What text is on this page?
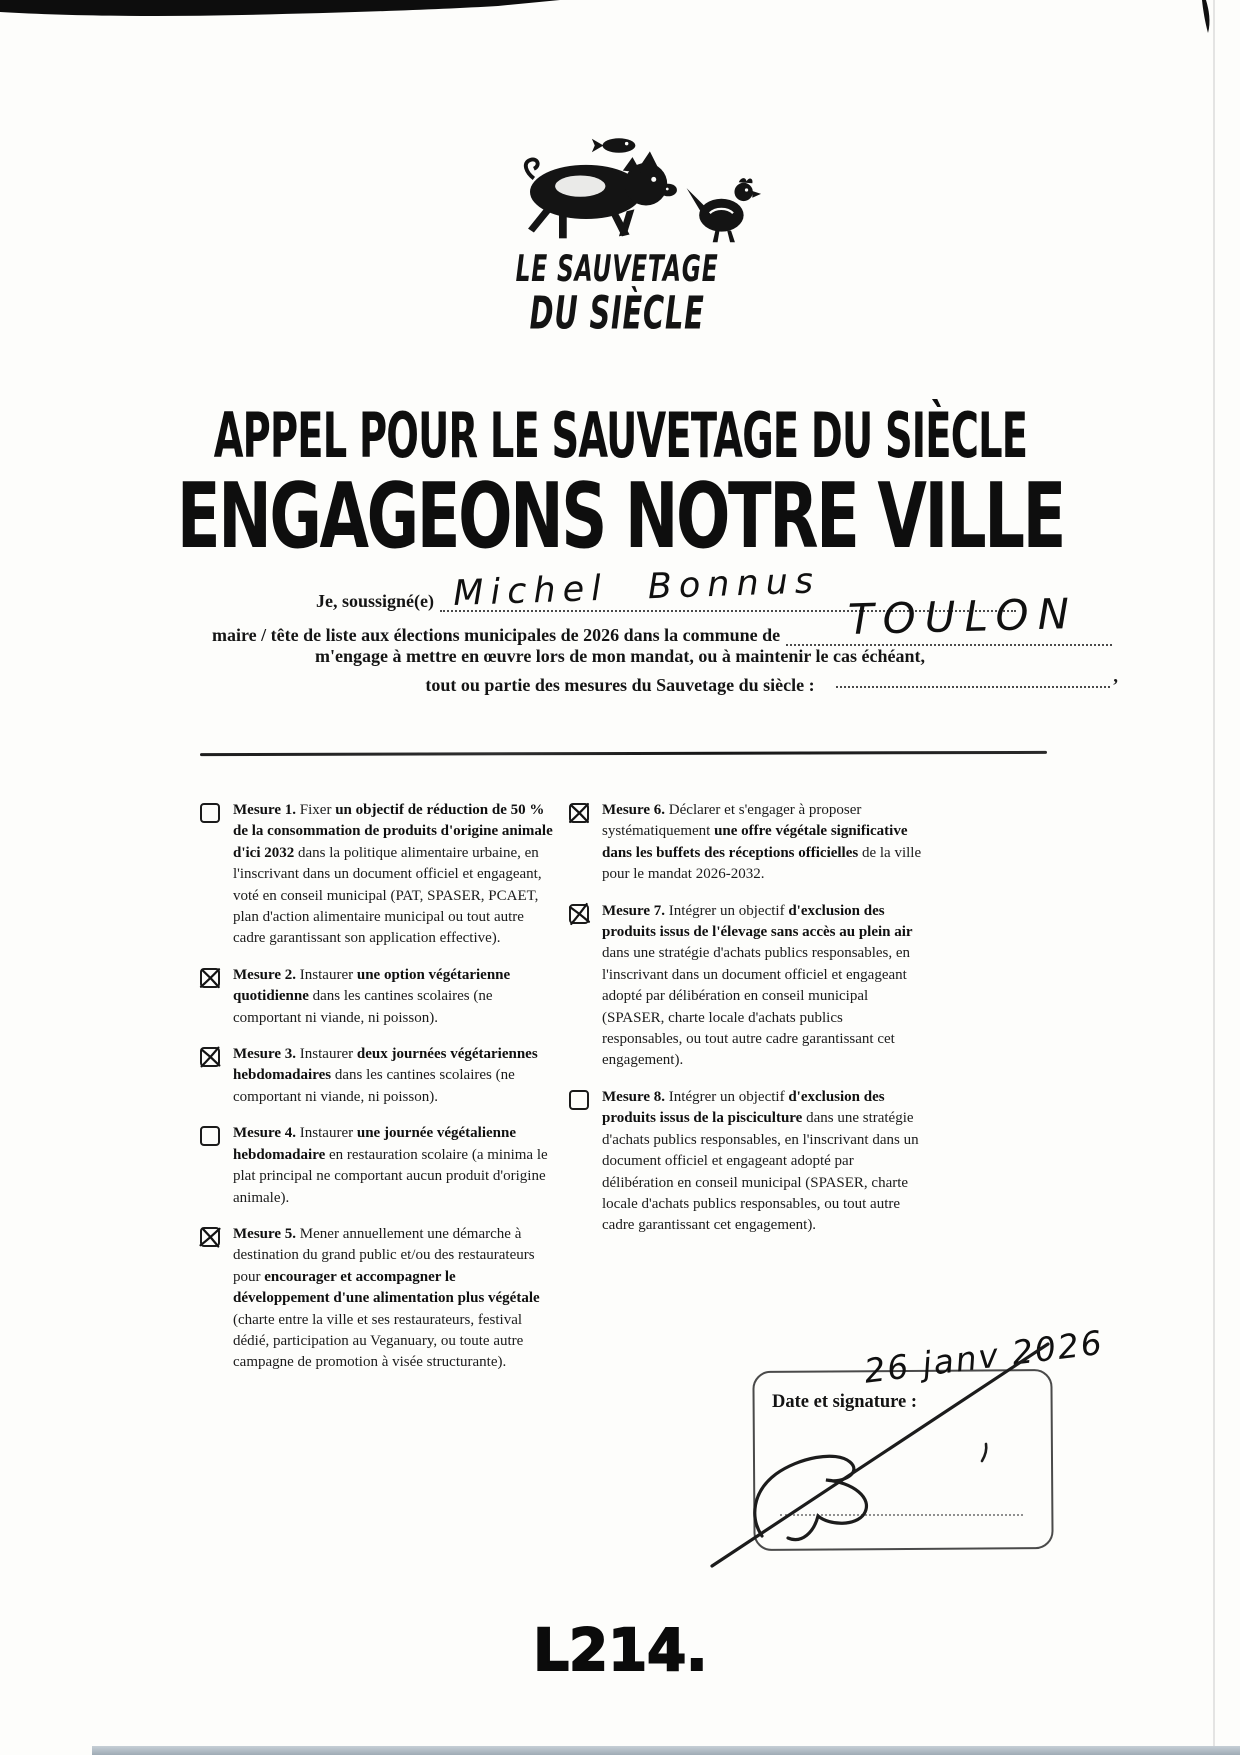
LE SAUVETAGE
DU SIÈCLE
APPEL POUR LE SAUVETAGE DU SIÈCLE
ENGAGEONS NOTRE VILLE
Je, soussigné(e) Michel Bonnus
maire / tête de liste aux élections municipales de 2026 dans la commune de TOULON
,
m'engage à mettre en œuvre lors de mon mandat, ou à maintenir le cas échéant,
tout ou partie des mesures du Sauvetage du siècle :

Mesure 1. Fixer un objectif de réduction de 50 % de la consommation de produits d'origine animale d'ici 2032 dans la politique alimentaire urbaine, en l'inscrivant dans un document officiel et engageant, voté en conseil municipal (PAT, SPASER, PCAET, plan d'action alimentaire municipal ou tout autre cadre garantissant son application effective).

Mesure 2. Instaurer une option végétarienne quotidienne dans les cantines scolaires (ne comportant ni viande, ni poisson).

Mesure 3. Instaurer deux journées végétariennes hebdomadaires dans les cantines scolaires (ne comportant ni viande, ni poisson).

Mesure 4. Instaurer une journée végétalienne hebdomadaire en restauration scolaire (a minima le plat principal ne comportant aucun produit d'origine animale).

Mesure 5. Mener annuellement une démarche à destination du grand public et/ou des restaurateurs pour encourager et accompagner le développement d'une alimentation plus végétale (charte entre la ville et ses restaurateurs, festival dédié, participation au Veganuary, ou toute autre campagne de promotion à visée structurante).

Mesure 6. Déclarer et s'engager à proposer systématiquement une offre végétale significative dans les buffets des réceptions officielles de la ville pour le mandat 2026-2032.

Mesure 7. Intégrer un objectif d'exclusion des produits issus de l'élevage sans accès au plein air dans une stratégie d'achats publics responsables, en l'inscrivant dans un document officiel et engageant adopté par délibération en conseil municipal (SPASER, charte locale d'achats publics responsables, ou tout autre cadre garantissant cet engagement).

Mesure 8. Intégrer un objectif d'exclusion des produits issus de la pisciculture dans une stratégie d'achats publics responsables, en l'inscrivant dans un document officiel et engageant adopté par délibération en conseil municipal (SPASER, charte locale d'achats publics responsables, ou tout autre cadre garantissant cet engagement).

Date et signature :
26 janv 2026
L214.
